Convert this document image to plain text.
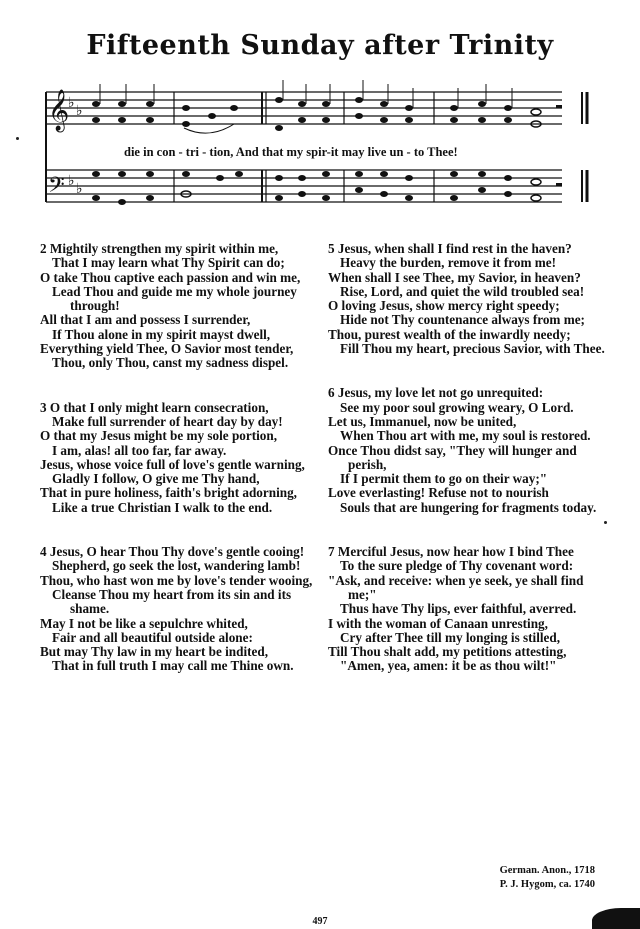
Fifteenth Sunday after Trinity
𝄞
𝄢
♭ ♭
♭ ♭
die in con - tri - tion, And that my spir-it may live un - to Thee!
2 Mightily strengthen my spirit within me,
That I may learn what Thy Spirit can do;
O take Thou captive each passion and win me,
Lead Thou and guide me my whole journey through!
All that I am and possess I surrender,
If Thou alone in my spirit mayst dwell,
Everything yield Thee, O Savior most tender,
Thou, only Thou, canst my sadness dispel.
3 O that I only might learn consecration,
Make full surrender of heart day by day!
O that my Jesus might be my sole portion,
I am, alas! all too far, far away.
Jesus, whose voice full of love's gentle warning,
Gladly I follow, O give me Thy hand,
That in pure holiness, faith's bright adorning,
Like a true Christian I walk to the end.
4 Jesus, O hear Thou Thy dove's gentle cooing!
Shepherd, go seek the lost, wandering lamb!
Thou, who hast won me by love's tender wooing,
Cleanse Thou my heart from its sin and its shame.
May I not be like a sepulchre whited,
Fair and all beautiful outside alone:
But may Thy law in my heart be indited,
That in full truth I may call me Thine own.
5 Jesus, when shall I find rest in the haven?
Heavy the burden, remove it from me!
When shall I see Thee, my Savior, in heaven?
Rise, Lord, and quiet the wild troubled sea!
O loving Jesus, show mercy right speedy;
Hide not Thy countenance always from me;
Thou, purest wealth of the inwardly needy;
Fill Thou my heart, precious Savior, with Thee.
6 Jesus, my love let not go unrequited:
See my poor soul growing weary, O Lord.
Let us, Immanuel, now be united,
When Thou art with me, my soul is restored.
Once Thou didst say, "They will hunger and perish,
If I permit them to go on their way;"
Love everlasting! Refuse not to nourish
Souls that are hungering for fragments today.
7 Merciful Jesus, now hear how I bind Thee
To the sure pledge of Thy covenant word:
"Ask, and receive: when ye seek, ye shall find me;"
Thus have Thy lips, ever faithful, averred.
I with the woman of Canaan unresting,
Cry after Thee till my longing is stilled,
Till Thou shalt add, my petitions attesting,
"Amen, yea, amen: it be as thou wilt!"
German. Anon., 1718
P. J. Hygom, ca. 1740
497
